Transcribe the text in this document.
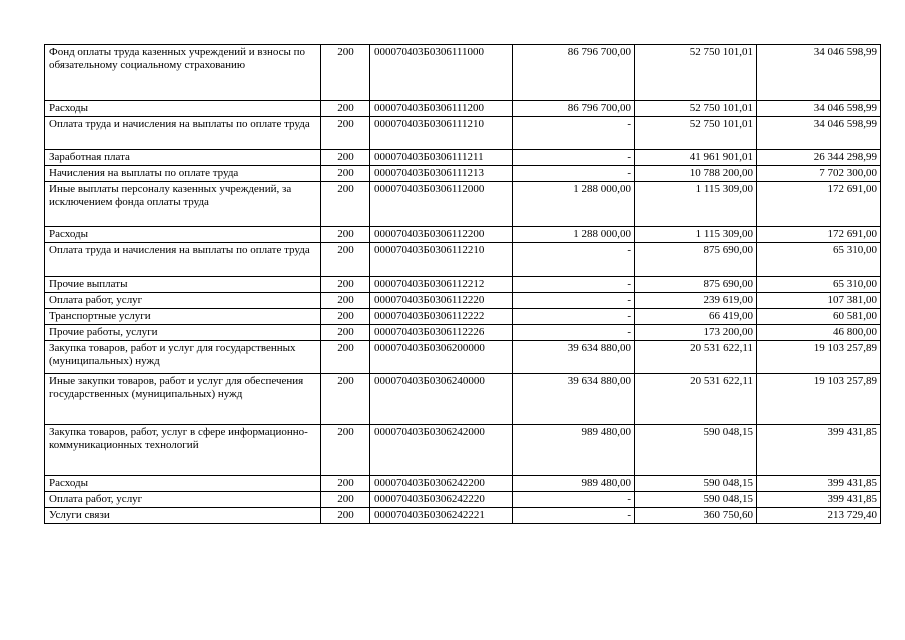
Фонд оплаты труда казенных учреждений и взносы по обязательному социальному страхованию	200	000070403Б0306111000	86 796 700,00	52 750 101,01	34 046 598,99
Расходы	200	000070403Б0306111200	86 796 700,00	52 750 101,01	34 046 598,99
Оплата труда и начисления на выплаты по оплате труда	200	000070403Б0306111210	-	52 750 101,01	34 046 598,99
Заработная плата	200	000070403Б0306111211	-	41 961 901,01	26 344 298,99
Начисления на выплаты по оплате труда	200	000070403Б0306111213	-	10 788 200,00	7 702 300,00
Иные выплаты персоналу казенных учреждений, за исключением фонда оплаты труда	200	000070403Б0306112000	1 288 000,00	1 115 309,00	172 691,00
Расходы	200	000070403Б0306112200	1 288 000,00	1 115 309,00	172 691,00
Оплата труда и начисления на выплаты по оплате труда	200	000070403Б0306112210	-	875 690,00	65 310,00
Прочие выплаты	200	000070403Б0306112212	-	875 690,00	65 310,00
Оплата работ, услуг	200	000070403Б0306112220	-	239 619,00	107 381,00
Транспортные услуги	200	000070403Б0306112222	-	66 419,00	60 581,00
Прочие работы, услуги	200	000070403Б0306112226	-	173 200,00	46 800,00
Закупка товаров, работ и услуг для государственных (муниципальных) нужд	200	000070403Б0306200000	39 634 880,00	20 531 622,11	19 103 257,89
Иные закупки товаров, работ и услуг для обеспечения государственных (муниципальных) нужд	200	000070403Б0306240000	39 634 880,00	20 531 622,11	19 103 257,89
Закупка товаров, работ, услуг в сфере информационно-коммуникационных технологий	200	000070403Б0306242000	989 480,00	590 048,15	399 431,85
Расходы	200	000070403Б0306242200	989 480,00	590 048,15	399 431,85
Оплата работ, услуг	200	000070403Б0306242220	-	590 048,15	399 431,85
Услуги связи	200	000070403Б0306242221	-	360 750,60	213 729,40
